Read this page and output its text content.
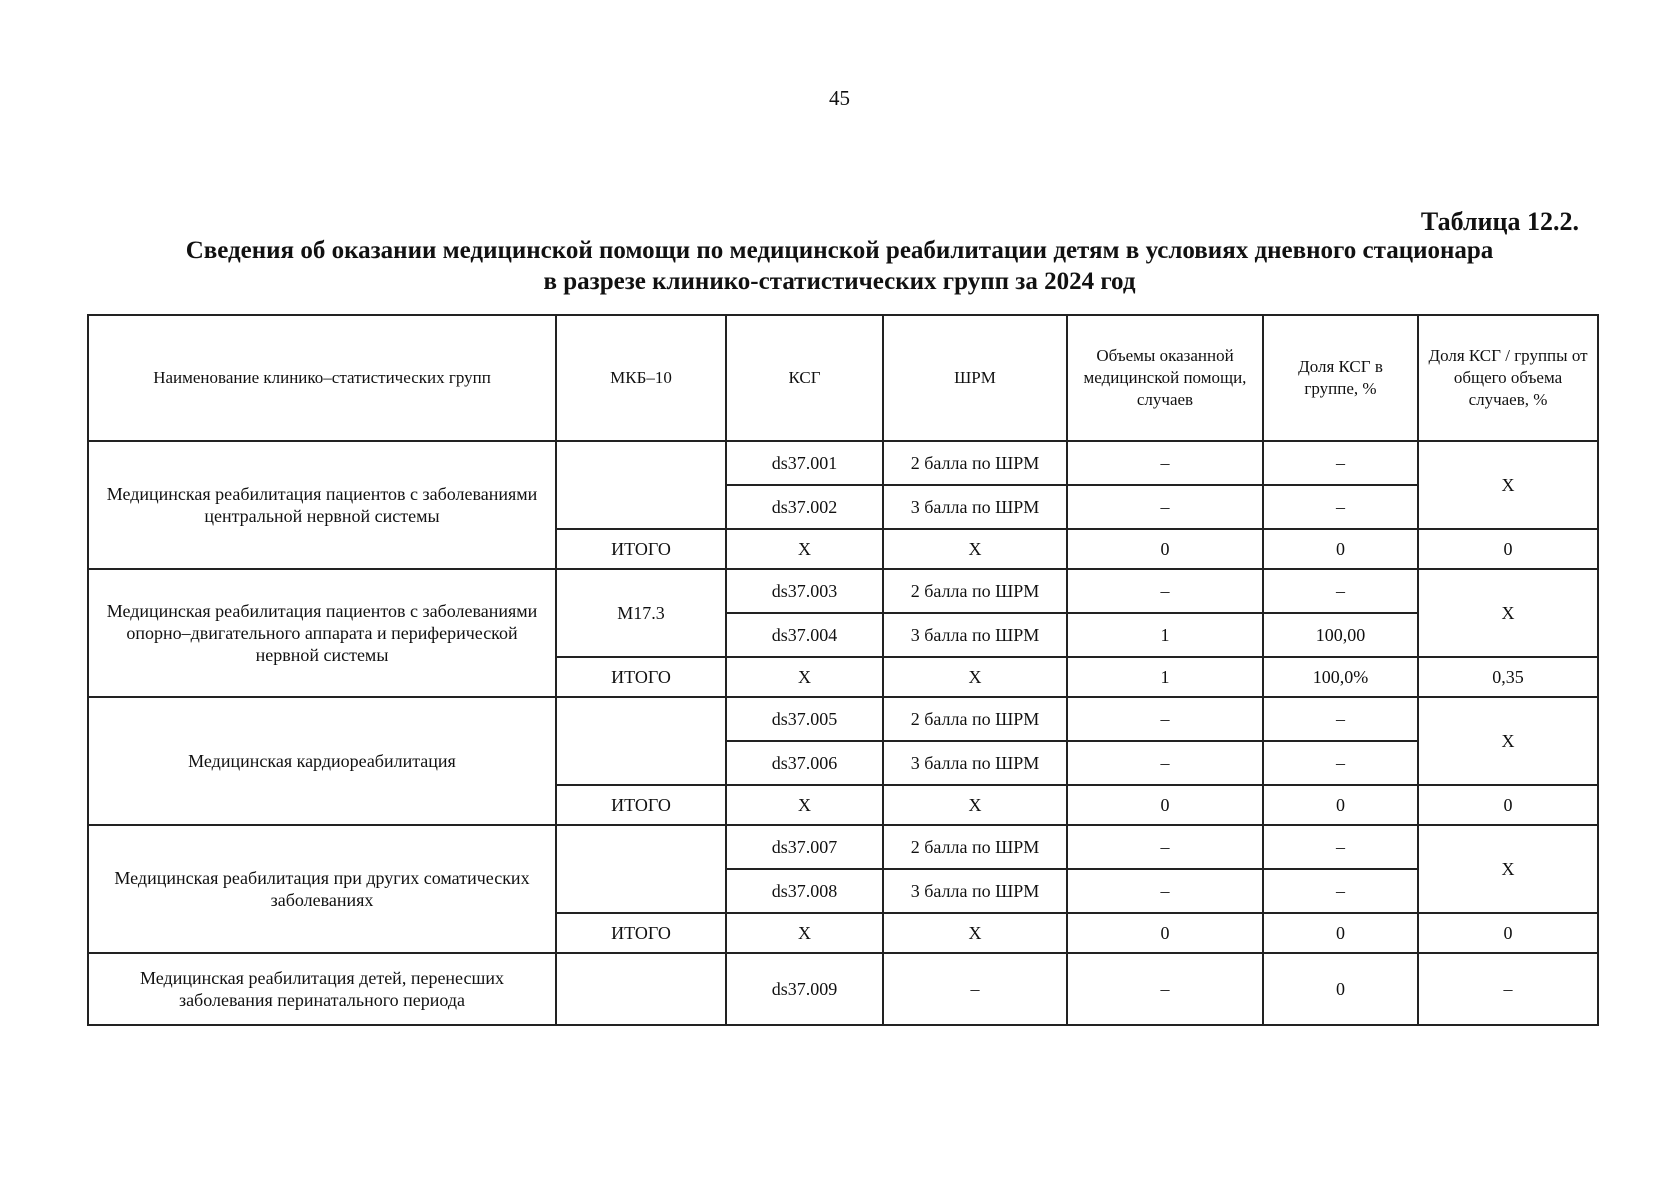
45
Таблица 12.2.
Сведения об оказании медицинской помощи по медицинской реабилитации детям в условиях дневного стационара
в разрезе клинико-статистических групп за 2024 год
Наименование клинико–статистических групп	МКБ–10	КСГ	ШРМ	Объемы оказанной медицинской помощи, случаев	Доля КСГ в группе, %	Доля КСГ / группы от общего объема случаев, %
Медицинская реабилитация пациентов с заболеваниями центральной нервной системы		ds37.001	2 балла по ШРМ	–	–	Х
		ds37.002	3 балла по ШРМ	–	–	
	ИТОГО	Х	Х	0	0	0
Медицинская реабилитация пациентов с заболеваниями опорно–двигательного аппарата и периферической нервной системы	М17.3	ds37.003	2 балла по ШРМ	–	–	Х
		ds37.004	3 балла по ШРМ	1	100,00	
	ИТОГО	Х	Х	1	100,0%	0,35
Медицинская кардиореабилитация		ds37.005	2 балла по ШРМ	–	–	Х
		ds37.006	3 балла по ШРМ	–	–	
	ИТОГО	Х	Х	0	0	0
Медицинская реабилитация при других соматических заболеваниях		ds37.007	2 балла по ШРМ	–	–	Х
		ds37.008	3 балла по ШРМ	–	–	
	ИТОГО	Х	Х	0	0	0
Медицинская реабилитация детей, перенесших заболевания перинатального периода		ds37.009	–	–	0	–
